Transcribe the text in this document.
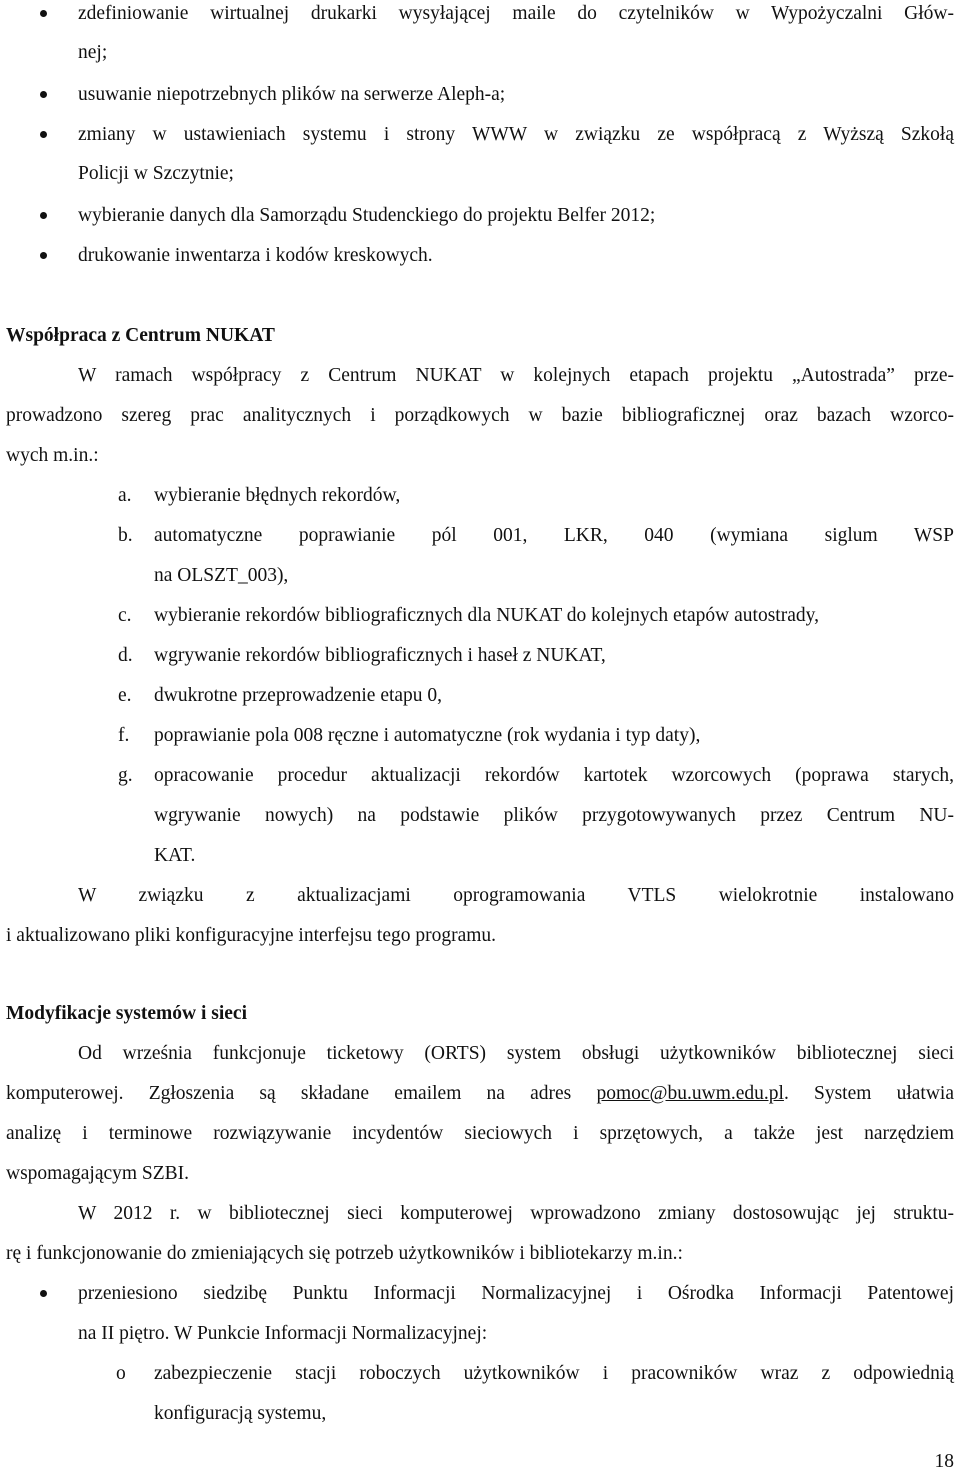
zdefiniowanie wirtualnej drukarki wysyłającej maile do czytelników w Wypożyczalni Głów-
nej;
usuwanie niepotrzebnych plików na serwerze Aleph-a;
zmiany w ustawieniach systemu i strony WWW w związku ze współpracą z Wyższą Szkołą
Policji w Szczytnie;
wybieranie danych dla Samorządu Studenckiego do projektu Belfer 2012;
drukowanie inwentarza i kodów kreskowych.
Współpraca z Centrum NUKAT
W ramach współpracy z Centrum NUKAT w kolejnych etapach projektu „Autostrada” prze-
prowadzono szereg prac analitycznych i porządkowych w bazie bibliograficznej oraz bazach wzorco-
wych m.in.:
a. wybieranie błędnych rekordów,
b. automatyczne poprawianie pól 001, LKR, 040 (wymiana siglum WSP
na OLSZT_003),
c. wybieranie rekordów bibliograficznych dla NUKAT do kolejnych etapów autostrady,
d. wgrywanie rekordów bibliograficznych i haseł z NUKAT,
e. dwukrotne przeprowadzenie etapu 0,
f. poprawianie pola 008 ręczne i automatyczne (rok wydania i typ daty),
g. opracowanie procedur aktualizacji rekordów kartotek wzorcowych (poprawa starych,
wgrywanie nowych) na podstawie plików przygotowywanych przez Centrum NU-
KAT.
W związku z aktualizacjami oprogramowania VTLS wielokrotnie instalowano
i aktualizowano pliki konfiguracyjne interfejsu tego programu.
Modyfikacje systemów i sieci
Od września funkcjonuje ticketowy (ORTS) system obsługi użytkowników bibliotecznej sieci
komputerowej. Zgłoszenia są składane emailem na adres pomoc@bu.uwm.edu.pl. System ułatwia
analizę i terminowe rozwiązywanie incydentów sieciowych i sprzętowych, a także jest narzędziem
wspomagającym SZBI.
W 2012 r. w bibliotecznej sieci komputerowej wprowadzono zmiany dostosowując jej struktu-
rę i funkcjonowanie do zmieniających się potrzeb użytkowników i bibliotekarzy m.in.:
przeniesiono siedzibę Punktu Informacji Normalizacyjnej i Ośrodka Informacji Patentowej
na II piętro. W Punkcie Informacji Normalizacyjnej:
o zabezpieczenie stacji roboczych użytkowników i pracowników wraz z odpowiednią
konfiguracją systemu,
18
